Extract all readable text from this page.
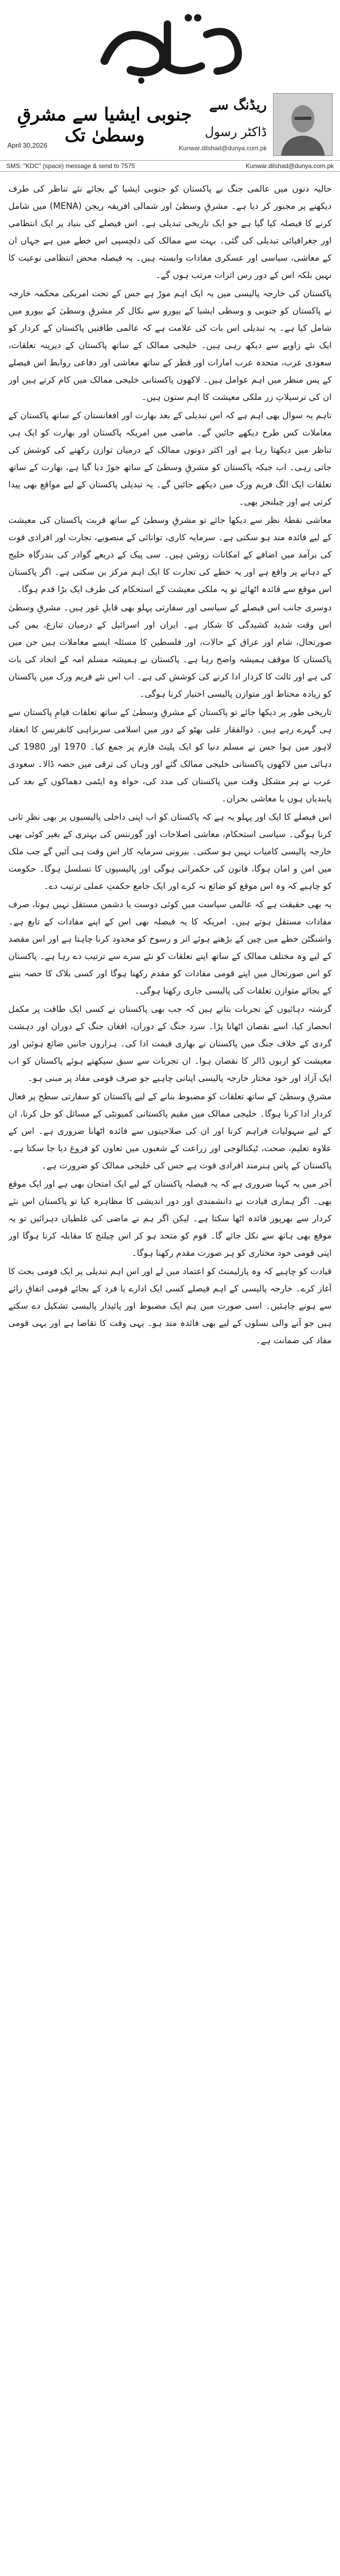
ریڈنگ سے
ڈاکٹر رسول
جنوبی ایشیا سے مشرقِ وسطیٰ تک
April 30,2026	Kunwar.dilshad@dunya.com.pk
SMS: "KDC" (space) message & send to 7575	Kunwar.dilshad@dunya.com.pk

حالیہ دنوں میں عالمی جنگ نے پاکستان کو جنوبی ایشیا کے بجائے نئے تناظر کی طرف دیکھنے پر مجبور کر دیا ہے۔ مشرقِ وسطیٰ اور شمالی افریقہ ریجن (MENA) میں شامل کرنے کا فیصلہ کیا گیا ہے جو ایک تاریخی تبدیلی ہے۔ اس فیصلے کی بنیاد پر ایک انتظامی اور جغرافیائی تبدیلی کی گئی۔ بہت سے ممالک کی دلچسپی اس خطے میں ہے جہاں ان کے معاشی، سیاسی اور عسکری مفادات وابستہ ہیں۔ یہ فیصلہ محض انتظامی نوعیت کا نہیں بلکہ اس کے دور رس اثرات مرتب ہوں گے۔

پاکستان کی خارجہ پالیسی میں یہ ایک اہم موڑ ہے جس کے تحت امریکی محکمہ خارجہ نے پاکستان کو جنوبی و وسطی ایشیا کے بیورو سے نکال کر مشرقِ وسطیٰ کے بیورو میں شامل کیا ہے۔ یہ تبدیلی اس بات کی علامت ہے کہ عالمی طاقتیں پاکستان کے کردار کو ایک نئے زاویے سے دیکھ رہی ہیں۔ خلیجی ممالک کے ساتھ پاکستان کے دیرینہ تعلقات، سعودی عرب، متحدہ عرب امارات اور قطر کے ساتھ معاشی اور دفاعی روابط اس فیصلے کے پس منظر میں اہم عوامل ہیں۔ لاکھوں پاکستانی خلیجی ممالک میں کام کرتے ہیں اور ان کی ترسیلاتِ زر ملکی معیشت کا اہم ستون ہیں۔

تاہم یہ سوال بھی اہم ہے کہ اس تبدیلی کے بعد بھارت اور افغانستان کے ساتھ پاکستان کے معاملات کس طرح دیکھے جائیں گے۔ ماضی میں امریکہ پاکستان اور بھارت کو ایک ہی تناظر میں دیکھتا رہا ہے اور اکثر دونوں ممالک کے درمیان توازن رکھنے کی کوشش کی جاتی رہی۔ اب جبکہ پاکستان کو مشرقِ وسطیٰ کے ساتھ جوڑ دیا گیا ہے، بھارت کے ساتھ تعلقات ایک الگ فریم ورک میں دیکھے جائیں گے۔ یہ تبدیلی پاکستان کے لیے مواقع بھی پیدا کرتی ہے اور چیلنجز بھی۔

معاشی نقطۂ نظر سے دیکھا جائے تو مشرقِ وسطیٰ کے ساتھ قربت پاکستان کی معیشت کے لیے فائدہ مند ہو سکتی ہے۔ سرمایہ کاری، توانائی کے منصوبے، تجارت اور افرادی قوت کی برآمد میں اضافے کے امکانات روشن ہیں۔ سی پیک کے ذریعے گوادر کی بندرگاہ خلیج کے دہانے پر واقع ہے اور یہ خطے کی تجارت کا ایک اہم مرکز بن سکتی ہے۔ اگر پاکستان اس موقع سے فائدہ اٹھائے تو یہ ملکی معیشت کے استحکام کی طرف ایک بڑا قدم ہوگا۔

دوسری جانب اس فیصلے کے سیاسی اور سفارتی پہلو بھی قابلِ غور ہیں۔ مشرقِ وسطیٰ اس وقت شدید کشیدگی کا شکار ہے۔ ایران اور اسرائیل کے درمیان تنازع، یمن کی صورتحال، شام اور عراق کے حالات، اور فلسطین کا مسئلہ ایسے معاملات ہیں جن میں پاکستان کا موقف ہمیشہ واضح رہا ہے۔ پاکستان نے ہمیشہ مسلم امہ کے اتحاد کی بات کی ہے اور ثالث کا کردار ادا کرنے کی کوشش کی ہے۔ اب اس نئے فریم ورک میں پاکستان کو زیادہ محتاط اور متوازن پالیسی اختیار کرنا ہوگی۔

تاریخی طور پر دیکھا جائے تو پاکستان کے مشرقِ وسطیٰ کے ساتھ تعلقات قیامِ پاکستان سے ہی گہرے رہے ہیں۔ ذوالفقار علی بھٹو کے دور میں اسلامی سربراہی کانفرنس کا انعقاد لاہور میں ہوا جس نے مسلم دنیا کو ایک پلیٹ فارم پر جمع کیا۔ 1970 اور 1980 کی دہائی میں لاکھوں پاکستانی خلیجی ممالک گئے اور وہاں کی ترقی میں حصہ ڈالا۔ سعودی عرب نے ہر مشکل وقت میں پاکستان کی مدد کی، خواہ وہ ایٹمی دھماکوں کے بعد کی پابندیاں ہوں یا معاشی بحران۔

اس فیصلے کا ایک اور پہلو یہ ہے کہ پاکستان کو اب اپنی داخلی پالیسیوں پر بھی نظرِ ثانی کرنا ہوگی۔ سیاسی استحکام، معاشی اصلاحات اور گورننس کی بہتری کے بغیر کوئی بھی خارجہ پالیسی کامیاب نہیں ہو سکتی۔ بیرونی سرمایہ کار اس وقت ہی آئیں گے جب ملک میں امن و امان ہوگا، قانون کی حکمرانی ہوگی اور پالیسیوں کا تسلسل ہوگا۔ حکومت کو چاہیے کہ وہ اس موقع کو ضائع نہ کرے اور ایک جامع حکمتِ عملی ترتیب دے۔

یہ بھی حقیقت ہے کہ عالمی سیاست میں کوئی دوست یا دشمن مستقل نہیں ہوتا، صرف مفادات مستقل ہوتے ہیں۔ امریکہ کا یہ فیصلہ بھی اس کے اپنے مفادات کے تابع ہے۔ واشنگٹن خطے میں چین کے بڑھتے ہوئے اثر و رسوخ کو محدود کرنا چاہتا ہے اور اس مقصد کے لیے وہ مختلف ممالک کے ساتھ اپنے تعلقات کو نئے سرے سے ترتیب دے رہا ہے۔ پاکستان کو اس صورتحال میں اپنے قومی مفادات کو مقدم رکھنا ہوگا اور کسی بلاک کا حصہ بننے کے بجائے متوازن تعلقات کی پالیسی جاری رکھنا ہوگی۔

گزشتہ دہائیوں کے تجربات بتاتے ہیں کہ جب بھی پاکستان نے کسی ایک طاقت پر مکمل انحصار کیا، اسے نقصان اٹھانا پڑا۔ سرد جنگ کے دوران، افغان جنگ کے دوران اور دہشت گردی کے خلاف جنگ میں پاکستان نے بھاری قیمت ادا کی۔ ہزاروں جانیں ضائع ہوئیں اور معیشت کو اربوں ڈالر کا نقصان ہوا۔ ان تجربات سے سبق سیکھتے ہوئے پاکستان کو اب ایک آزاد اور خود مختار خارجہ پالیسی اپنانی چاہیے جو صرف قومی مفاد پر مبنی ہو۔

مشرقِ وسطیٰ کے ساتھ تعلقات کو مضبوط بنانے کے لیے پاکستان کو سفارتی سطح پر فعال کردار ادا کرنا ہوگا۔ خلیجی ممالک میں مقیم پاکستانی کمیونٹی کے مسائل کو حل کرنا، ان کے لیے سہولیات فراہم کرنا اور ان کی صلاحیتوں سے فائدہ اٹھانا ضروری ہے۔ اس کے علاوہ تعلیم، صحت، ٹیکنالوجی اور زراعت کے شعبوں میں تعاون کو فروغ دیا جا سکتا ہے۔ پاکستان کے پاس ہنرمند افرادی قوت ہے جس کی خلیجی ممالک کو ضرورت ہے۔

آخر میں یہ کہنا ضروری ہے کہ یہ فیصلہ پاکستان کے لیے ایک امتحان بھی ہے اور ایک موقع بھی۔ اگر ہماری قیادت نے دانشمندی اور دور اندیشی کا مظاہرہ کیا تو پاکستان اس نئے کردار سے بھرپور فائدہ اٹھا سکتا ہے۔ لیکن اگر ہم نے ماضی کی غلطیاں دہرائیں تو یہ موقع بھی ہاتھ سے نکل جائے گا۔ قوم کو متحد ہو کر اس چیلنج کا مقابلہ کرنا ہوگا اور اپنی قومی خود مختاری کو ہر صورت مقدم رکھنا ہوگا۔

قیادت کو چاہیے کہ وہ پارلیمنٹ کو اعتماد میں لے اور اس اہم تبدیلی پر ایک قومی بحث کا آغاز کرے۔ خارجہ پالیسی کے اہم فیصلے کسی ایک ادارے یا فرد کے بجائے قومی اتفاقِ رائے سے ہونے چاہئیں۔ اسی صورت میں ہم ایک مضبوط اور پائیدار پالیسی تشکیل دے سکتے ہیں جو آنے والی نسلوں کے لیے بھی فائدہ مند ہو۔ یہی وقت کا تقاضا ہے اور یہی قومی مفاد کی ضمانت ہے۔
